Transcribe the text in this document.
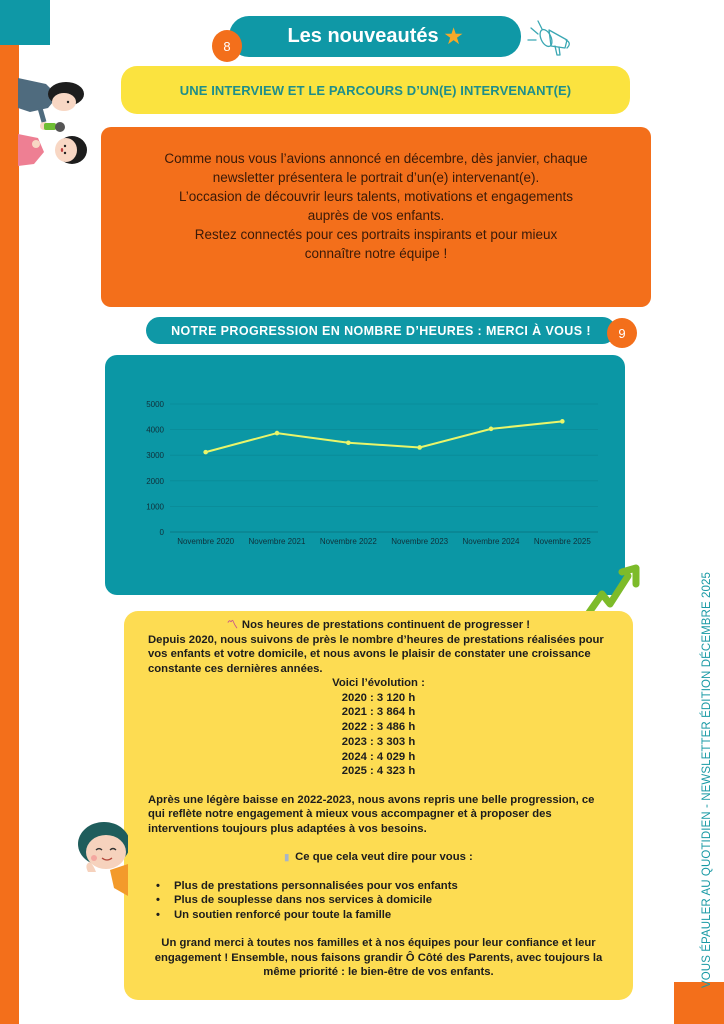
VOUS ÉPAULER AU QUOTIDIEN - NEWSLETTER ÉDITION DÉCEMBRE 2025
Les nouveautés ★
8
UNE INTERVIEW ET LE PARCOURS D’UN(E) INTERVENANT(E)

Comme nous vous l’avions annoncé en décembre, dès janvier, chaque

newsletter présentera le portrait d’un(e) intervenant(e).

L’occasion de découvrir leurs talents, motivations et engagements

auprès de vos enfants.

Restez connectés pour ces portraits inspirants et pour mieux

connaître notre équipe !

NOTRE PROGRESSION EN NOMBRE D’HEURES : MERCI À VOUS !	9
0
1000
2000
3000
4000
5000
Novembre 2020 Novembre 2021 Novembre 2022 Novembre 2023 Novembre 2024 Novembre 2025
〽 Nos heures de prestations continuent de progresser !
Depuis 2020, nous suivons de près le nombre d’heures de prestations réalisées pour vos enfants et votre domicile, et nous avons le plaisir de constater une croissance constante ces dernières années.
Voici l’évolution :
2020 : 3 120 h
2021 : 3 864 h
2022 : 3 486 h
2023 : 3 303 h
2024 : 4 029 h
2025 : 4 323 h
Après une légère baisse en 2022-2023, nous avons repris une belle progression, ce qui reflète notre engagement à mieux vous accompagner et à proposer des interventions toujours plus adaptées à vos besoins.
▮ Ce que cela veut dire pour vous :
• Plus de prestations personnalisées pour vos enfants
• Plus de souplesse dans nos services à domicile
• Un soutien renforcé pour toute la famille
Un grand merci à toutes nos familles et à nos équipes pour leur confiance et leur engagement ! Ensemble, nous faisons grandir Ô Côté des Parents, avec toujours la même priorité : le bien-être de vos enfants.
